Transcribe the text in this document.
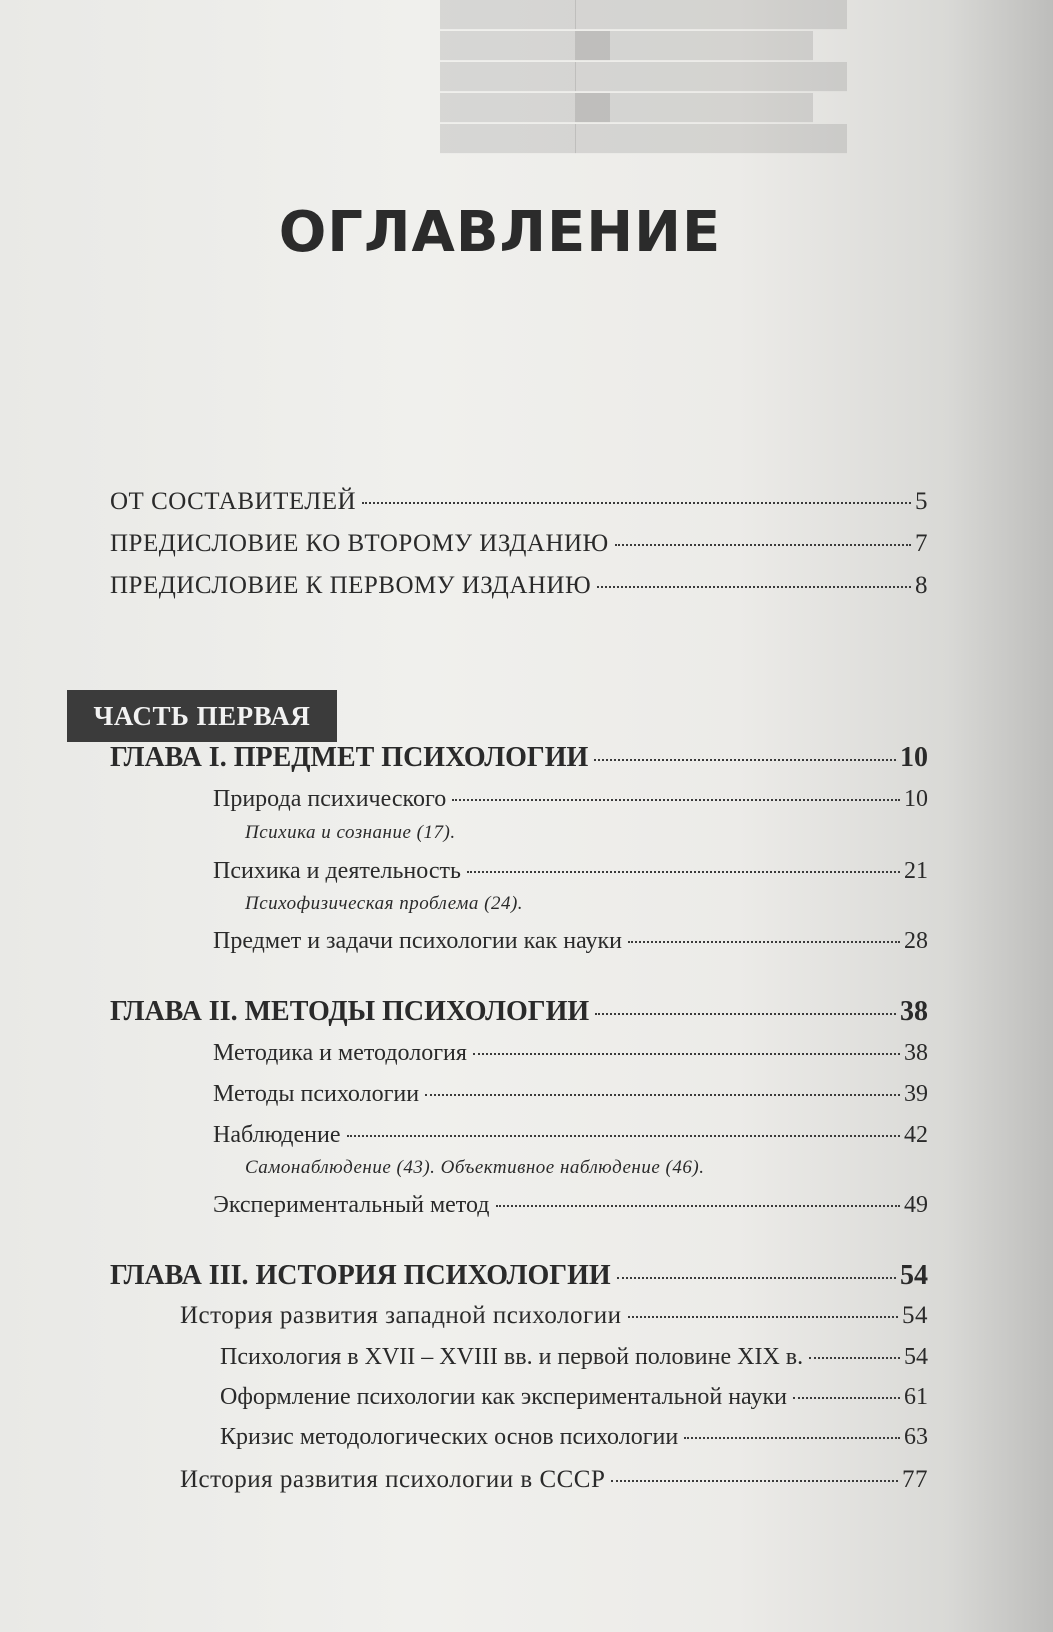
████████
██████████
████████
██████████
████████
████████████████
██████████████
████████████████
██████████████
████████████████
ОГЛАВЛЕНИЕ
ОТ СОСТАВИТЕЛЕЙ	5
ПРЕДИСЛОВИЕ КО ВТОРОМУ ИЗДАНИЮ	7
ПРЕДИСЛОВИЕ К ПЕРВОМУ ИЗДАНИЮ	8
ЧАСТЬ ПЕРВАЯ
ГЛАВА I. ПРЕДМЕТ ПСИХОЛОГИИ	10
Природа психического	10
Психика и сознание (17).
Психика и деятельность	21
Психофизическая проблема (24).
Предмет и задачи психологии как науки	28
ГЛАВА II. МЕТОДЫ ПСИХОЛОГИИ	38
Методика и методология	38
Методы психологии	39
Наблюдение	42
Самонаблюдение (43). Объективное наблюдение (46).
Экспериментальный метод	49
ГЛАВА III. ИСТОРИЯ ПСИХОЛОГИИ	54
История развития западной психологии	54
Психология в XVII – XVIII вв. и первой половине XIX в.	54
Оформление психологии как экспериментальной науки	61
Кризис методологических основ психологии	63
История развития психологии в СССР	77
